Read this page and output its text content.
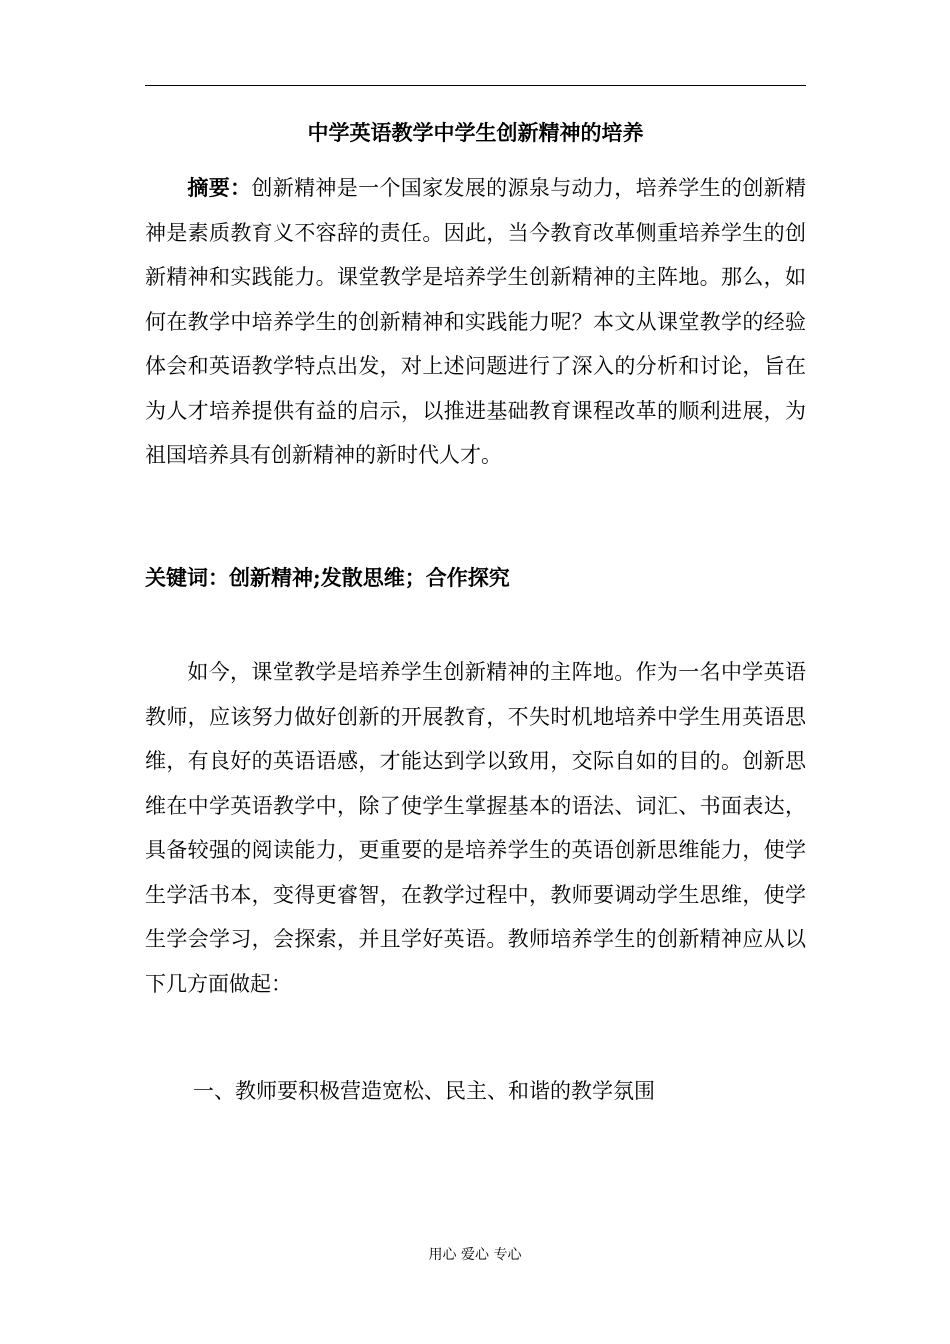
中学英语教学中学生创新精神的培养
摘要：创新精神是一个国家发展的源泉与动力，培养学生的创新精神是素质教育义不容辞的责任。因此，当今教育改革侧重培养学生的创新精神和实践能力。课堂教学是培养学生创新精神的主阵地。那么，如何在教学中培养学生的创新精神和实践能力呢？本文从课堂教学的经验体会和英语教学特点出发，对上述问题进行了深入的分析和讨论，旨在为人才培养提供有益的启示，以推进基础教育课程改革的顺利进展，为祖国培养具有创新精神的新时代人才。
关键词：创新精神;发散思维；合作探究
如今，课堂教学是培养学生创新精神的主阵地。作为一名中学英语教师，应该努力做好创新的开展教育，不失时机地培养中学生用英语思维，有良好的英语语感，才能达到学以致用，交际自如的目的。创新思维在中学英语教学中，除了使学生掌握基本的语法、词汇、书面表达，具备较强的阅读能力，更重要的是培养学生的英语创新思维能力，使学生学活书本，变得更睿智，在教学过程中，教师要调动学生思维，使学生学会学习，会探索，并且学好英语。教师培养学生的创新精神应从以下几方面做起：
一、教师要积极营造宽松、民主、和谐的教学氛围
用心 爱心 专心
